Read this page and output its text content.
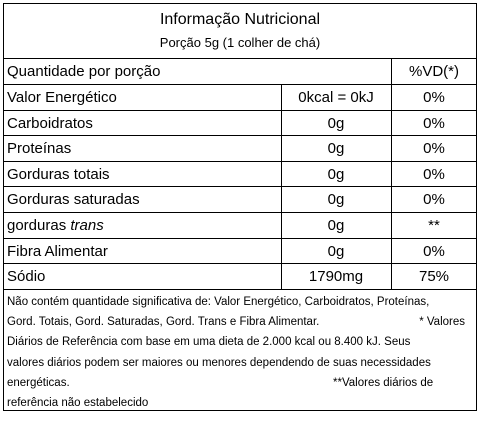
Informação Nutricional
Porção 5g (1 colher de chá)
Quantidade por porção	%VD(*)
Valor Energético	0kcal = 0kJ	0%
Carboidratos	0g	0%
Proteínas	0g	0%
Gorduras totais	0g	0%
Gorduras saturadas	0g	0%
gorduras trans	0g	**
Fibra Alimentar	0g	0%
Sódio	1790mg	75%
Não contém quantidade significativa de: Valor Energético, Carboidratos, Proteínas,
Gord. Totais, Gord. Saturadas, Gord. Trans e Fibra Alimentar.	* Valores
Diários de Referência com base em uma dieta de 2.000 kcal ou 8.400 kJ. Seus
valores diários podem ser maiores ou menores dependendo de suas necessidades
energéticas.	**Valores diários de
referência não estabelecido
